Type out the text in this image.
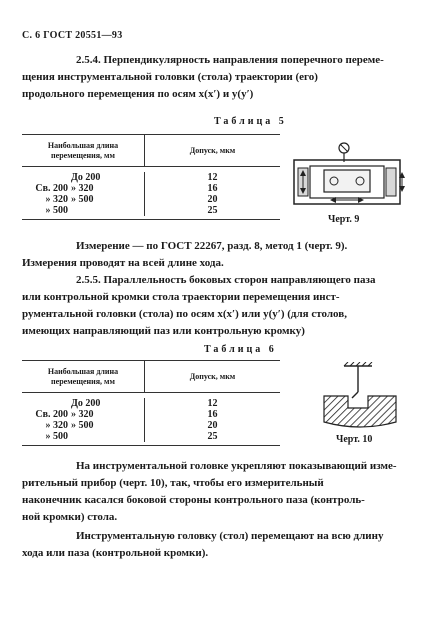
С. 6 ГОСТ 20551—93
2.5.4. Перпендикулярность направления поперечного переме-
щения инструментальной головки (стола) траектории (его)
продольного перемещения по осям x(x′) и y(y′)
Таблица 5
Наибольшая длина перемещения, мм
Допуск, мкм
До 200
Св. 200 » 320
» 320 » 500
» 500
12
16
20
25
Черт. 9
Измерение — по ГОСТ 22267, разд. 8, метод 1 (черт. 9).
Измерения проводят на всей длине хода.
2.5.5. Параллельность боковых сторон направляющего паза
или контрольной кромки стола траектории перемещения инст-
рументальной головки (стола) по осям x(x′) или y(y′) (для столов,
имеющих направляющий паз или контрольную кромку)
Таблица 6
Наибольшая длина перемещения, мм
Допуск, мкм
До 200
Св. 200 » 320
» 320 » 500
» 500
12
16
20
25	Черт. 10
На инструментальной головке укрепляют показывающий измe-
рительный прибор (черт. 10), так, чтобы его измерительный
наконечник касался боковой стороны контрольного паза (контроль-
ной кромки) стола.
Инструментальную головку (стол) перемещают на всю длину
хода или паза (контрольной кромки).
